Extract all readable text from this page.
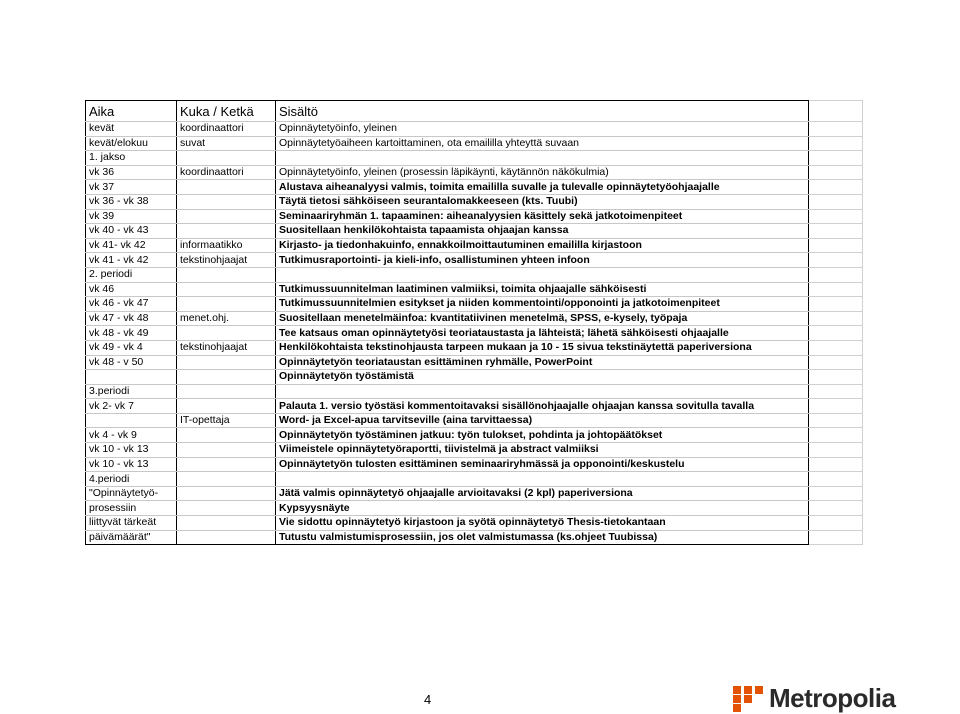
Aika	Kuka / Ketkä	Sisältö	
kevät	koordinaattori	Opinnäytetyöinfo, yleinen	
kevät/elokuu	suvat	Opinnäytetyöaiheen kartoittaminen, ota emaililla yhteyttä suvaan	
1. jakso			
vk 36	koordinaattori	Opinnäytetyöinfo, yleinen (prosessin läpikäynti, käytännön näkökulmia)	
vk 37		Alustava aiheanalyysi valmis, toimita emaililla suvalle ja tulevalle opinnäytetyöohjaajalle	
vk 36 - vk 38		Täytä tietosi sähköiseen seurantalomakkeeseen (kts. Tuubi)	
vk 39		Seminaariryhmän 1. tapaaminen: aiheanalyysien käsittely sekä jatkotoimenpiteet	
vk 40 - vk 43		Suositellaan henkilökohtaista tapaamista ohjaajan kanssa	
vk 41- vk 42	informaatikko	Kirjasto- ja tiedonhakuinfo, ennakkoilmoittautuminen emaililla kirjastoon	
vk 41 - vk 42	tekstinohjaajat	Tutkimusraportointi- ja kieli-info, osallistuminen yhteen infoon	
2. periodi			
vk 46		Tutkimussuunnitelman laatiminen valmiiksi, toimita ohjaajalle sähköisesti	
vk 46 - vk 47		Tutkimussuunnitelmien esitykset ja niiden kommentointi/opponointi ja jatkotoimenpiteet	
vk 47 - vk 48	menet.ohj.	Suositellaan menetelmäinfoa: kvantitatiivinen menetelmä, SPSS, e-kysely, työpaja	
vk 48 - vk 49		Tee katsaus oman opinnäytetyösi teoriataustasta ja lähteistä; lähetä sähköisesti ohjaajalle	
vk 49 - vk 4	tekstinohjaajat	Henkilökohtaista tekstinohjausta tarpeen mukaan ja 10 - 15 sivua tekstinäytettä paperiversiona	
vk 48 - v 50		Opinnäytetyön teoriataustan esittäminen ryhmälle, PowerPoint	
		Opinnäytetyön työstämistä	
3.periodi			
vk 2- vk 7		Palauta 1. versio työstäsi kommentoitavaksi sisällönohjaajalle ohjaajan kanssa sovitulla tavalla	
	IT-opettaja	Word- ja Excel-apua tarvitseville (aina tarvittaessa)	
vk 4 - vk 9		Opinnäytetyön työstäminen jatkuu: työn tulokset, pohdinta ja johtopäätökset	
vk 10 - vk 13		Viimeistele opinnäytetyöraportti, tiivistelmä ja abstract valmiiksi	
vk 10 - vk 13		Opinnäytetyön tulosten esittäminen seminaariryhmässä ja opponointi/keskustelu	
4.periodi			
"Opinnäytetyö-		Jätä valmis opinnäytetyö ohjaajalle arvioitavaksi (2 kpl) paperiversiona	
prosessiin		Kypsyysnäyte	
liittyvät tärkeät		Vie sidottu opinnäytetyö kirjastoon ja syötä opinnäytetyö Thesis-tietokantaan	
päivämäärät"		Tutustu valmistumisprosessiin, jos olet valmistumassa (ks.ohjeet Tuubissa)	
4	Metropolia
